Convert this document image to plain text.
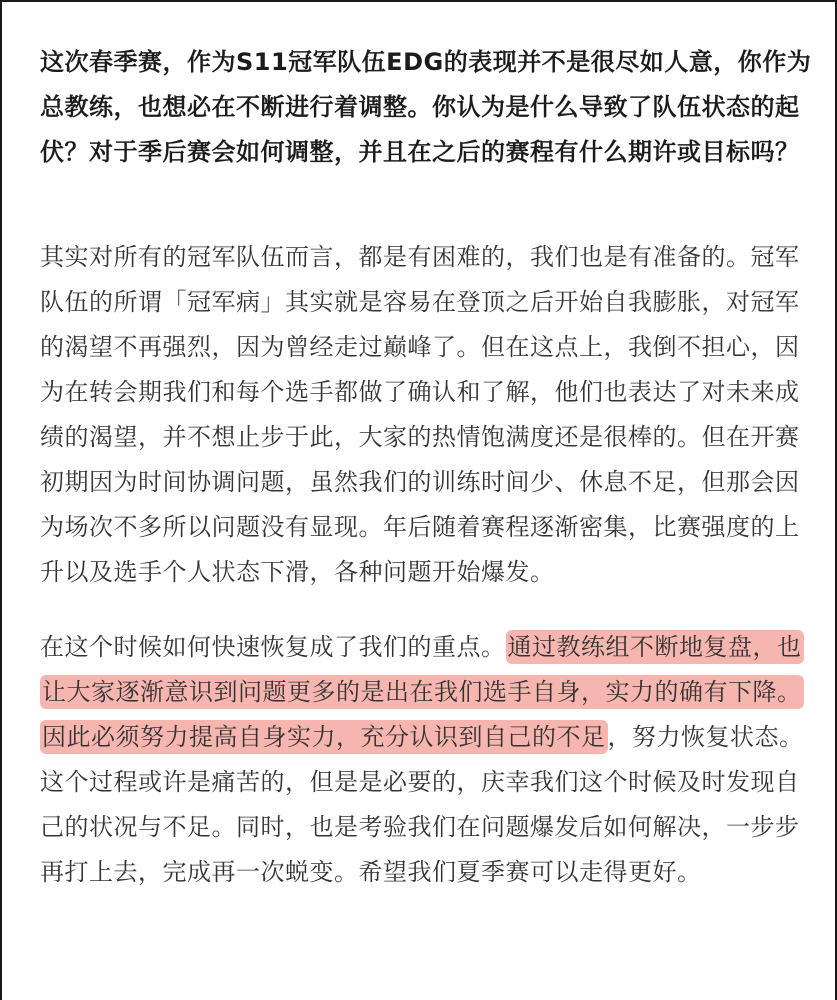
这次春季赛，作为S11冠军队伍EDG的表现并不是很尽如人意，你作为总教练，也想必在不断进行着调整。你认为是什么导致了队伍状态的起伏？对于季后赛会如何调整，并且在之后的赛程有什么期许或目标吗？

其实对所有的冠军队伍而言，都是有困难的，我们也是有准备的。冠军队伍的所谓「冠军病」其实就是容易在登顶之后开始自我膨胀，对冠军的渴望不再强烈，因为曾经走过巅峰了。但在这点上，我倒不担心，因为在转会期我们和每个选手都做了确认和了解，他们也表达了对未来成绩的渴望，并不想止步于此，大家的热情饱满度还是很棒的。但在开赛初期因为时间协调问题，虽然我们的训练时间少、休息不足，但那会因为场次不多所以问题没有显现。年后随着赛程逐渐密集，比赛强度的上升以及选手个人状态下滑，各种问题开始爆发。

在这个时候如何快速恢复成了我们的重点。通过教练组不断地复盘，也让大家逐渐意识到问题更多的是出在我们选手自身，实力的确有下降。因此必须努力提高自身实力，充分认识到自己的不足，努力恢复状态。这个过程或许是痛苦的，但是是必要的，庆幸我们这个时候及时发现自己的状况与不足。同时，也是考验我们在问题爆发后如何解决，一步步再打上去，完成再一次蜕变。希望我们夏季赛可以走得更好。
